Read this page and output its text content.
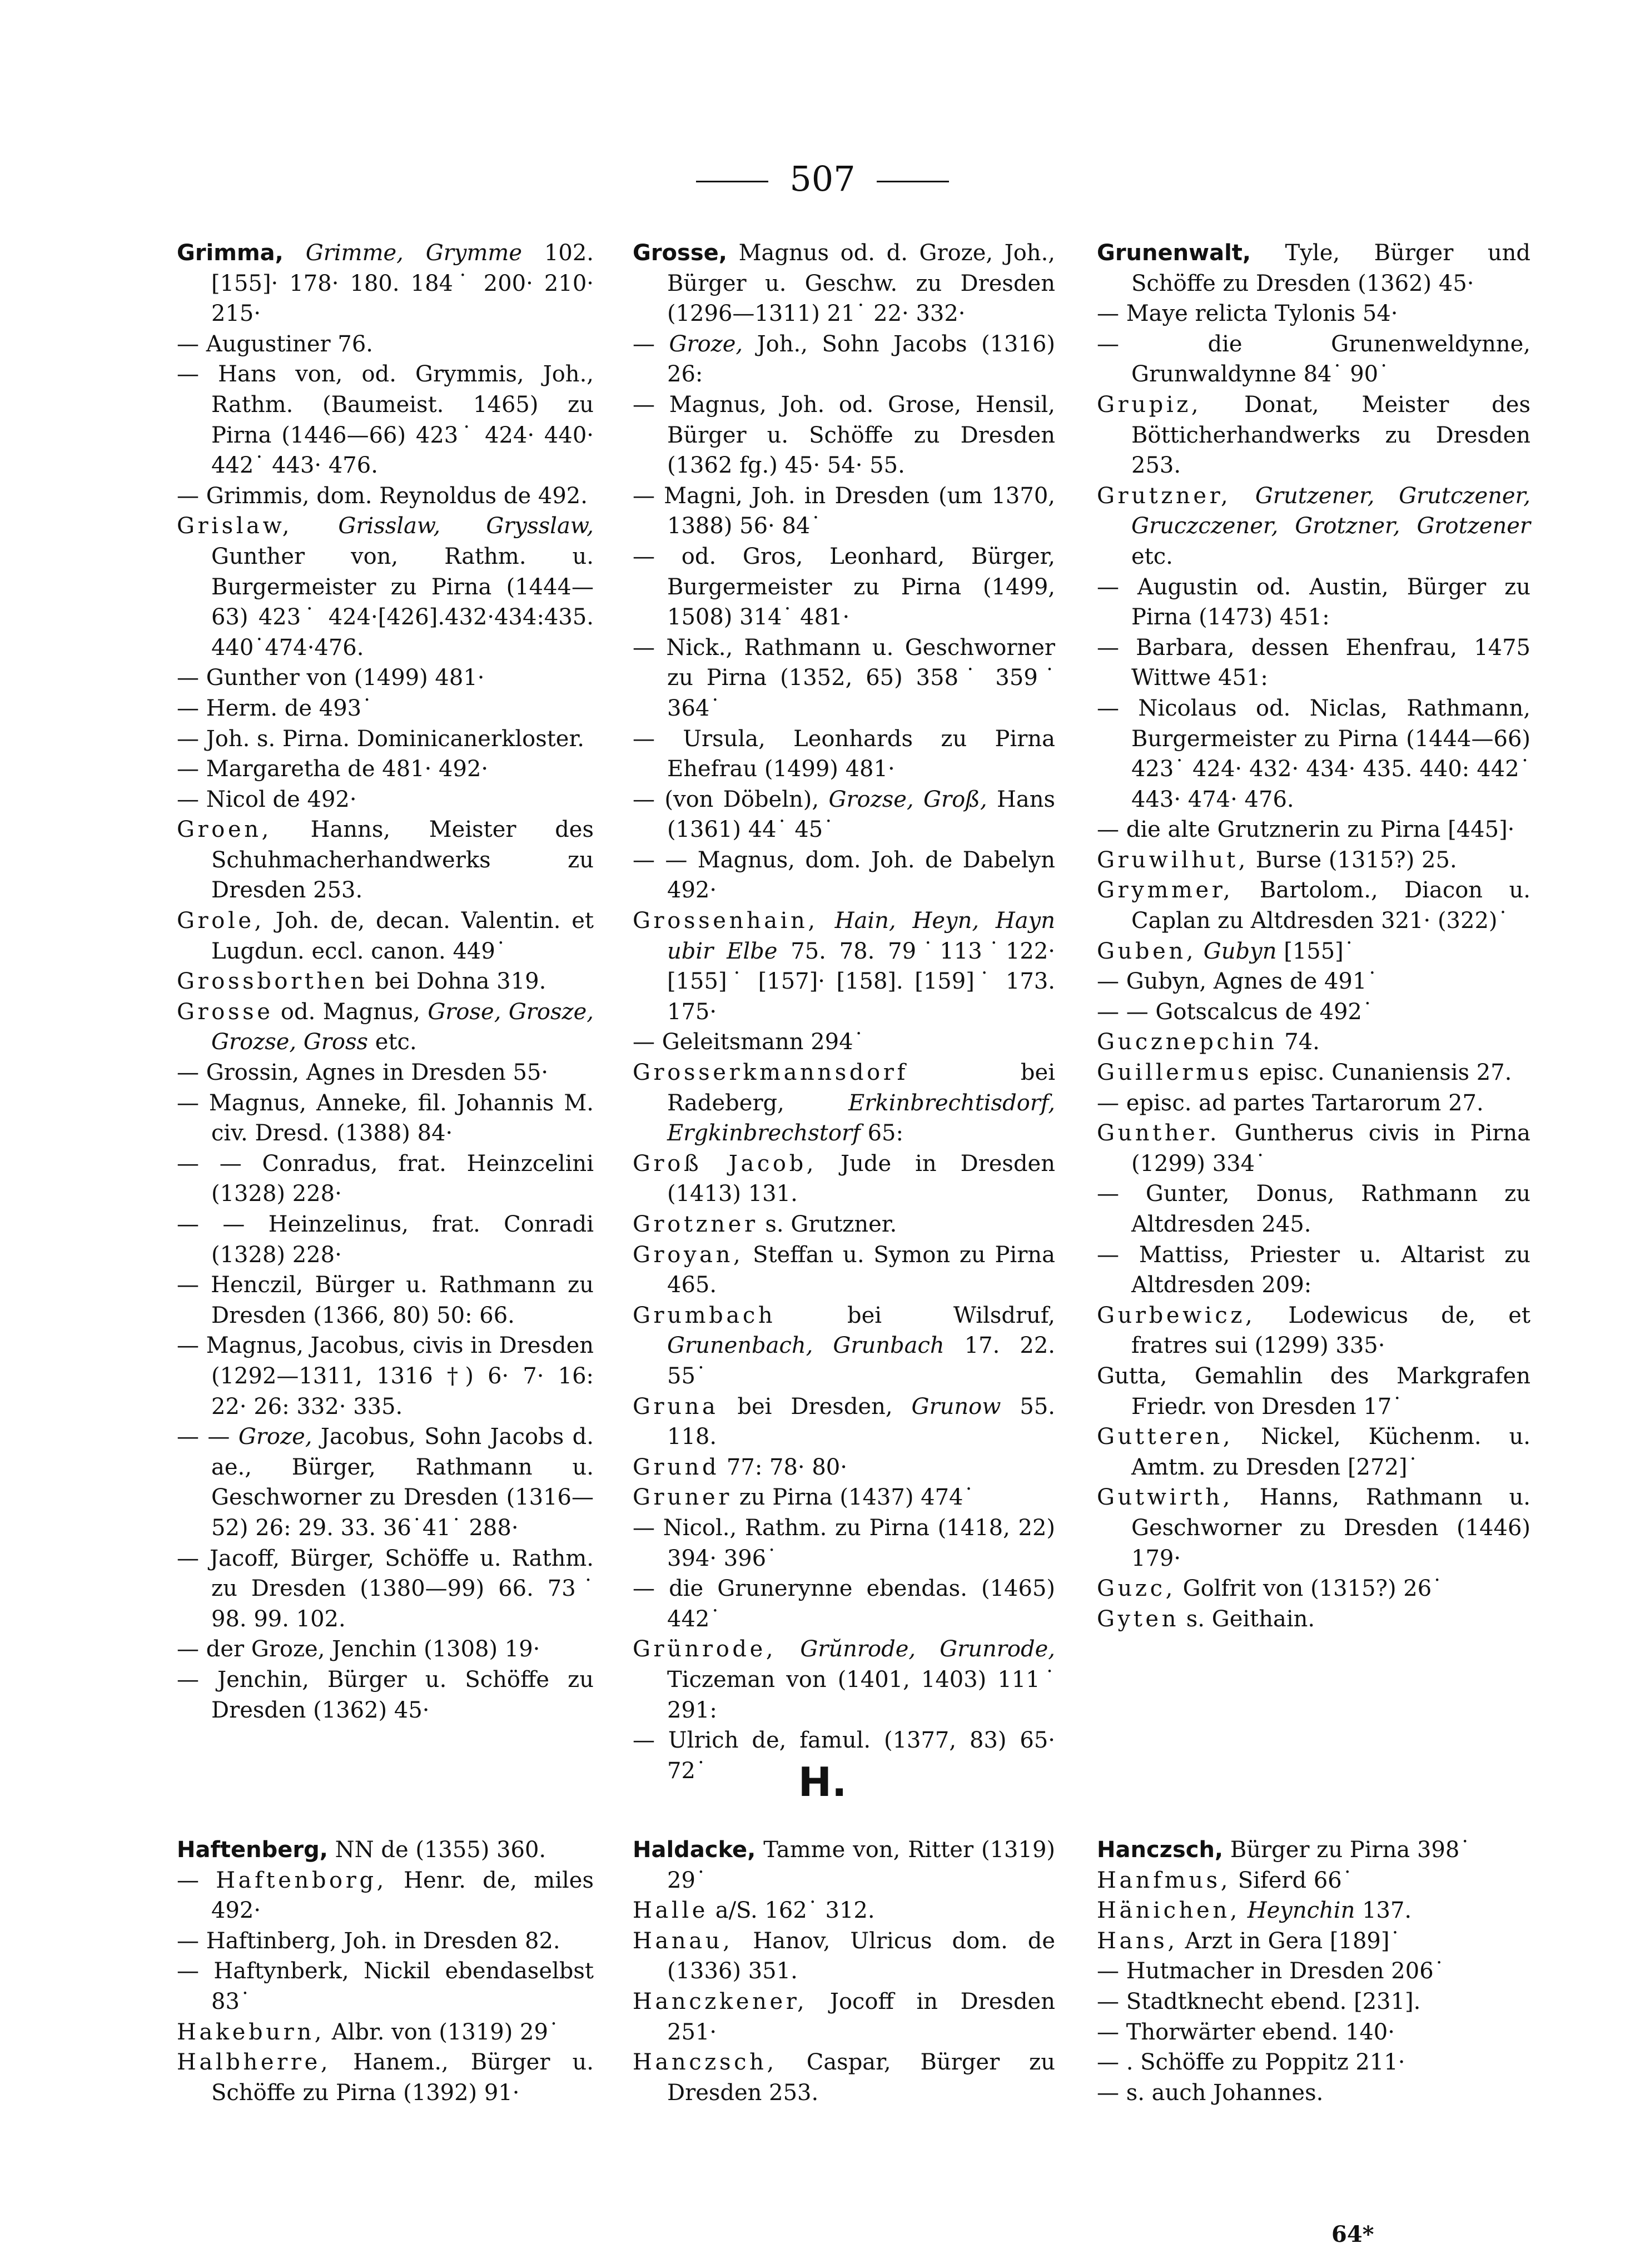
507

Grimma, Grimme, Grymme 102. [155]· 178· 180. 184˙ 200· 210· 215·

— Augustiner 76.

— Hans von, od. Grymmis, Joh., Rathm. (Baumeist. 1465) zu Pirna (1446—66) 423˙ 424· 440· 442˙ 443· 476.

— Grimmis, dom. Reynoldus de 492.

Grislaw, Grisslaw, Grysslaw, Gunther von, Rathm. u. Burgermeister zu Pirna (1444—63) 423˙ 424·[426].432·434:435. 440˙474·476.

— Gunther von (1499) 481·

— Herm. de 493˙

— Joh. s. Pirna. Dominicanerkloster.

— Margaretha de 481· 492·

— Nicol de 492·

Groen, Hanns, Meister des Schuhmacherhandwerks zu Dresden 253.

Grole, Joh. de, decan. Valentin. et Lugdun. eccl. canon. 449˙

Grossborthen bei Dohna 319.

Grosse od. Magnus, Grose, Grosze, Grozse, Gross etc.

— Grossin, Agnes in Dresden 55·

— Magnus, Anneke, fil. Johannis M. civ. Dresd. (1388) 84·

— — Conradus, frat. Heinzcelini (1328) 228·

— — Heinzelinus, frat. Conradi (1328) 228·

— Henczil, Bürger u. Rathmann zu Dresden (1366, 80) 50: 66.

— Magnus, Jacobus, civis in Dresden (1292—1311, 1316 †) 6· 7· 16: 22· 26: 332· 335.

— — Groze, Jacobus, Sohn Jacobs d. ae., Bürger, Rathmann u. Geschworner zu Dresden (1316—52) 26: 29. 33. 36˙41˙ 288·

— Jacoff, Bürger, Schöffe u. Rathm. zu Dresden (1380—99) 66. 73˙ 98. 99. 102.

— der Groze, Jenchin (1308) 19·

— Jenchin, Bürger u. Schöffe zu Dresden (1362) 45·

Grosse, Magnus od. d. Groze, Joh., Bürger u. Geschw. zu Dresden (1296—1311) 21˙ 22· 332·

— Groze, Joh., Sohn Jacobs (1316) 26:

— Magnus, Joh. od. Grose, Hensil, Bürger u. Schöffe zu Dresden (1362 fg.) 45· 54· 55.

— Magni, Joh. in Dresden (um 1370, 1388) 56· 84˙

— od. Gros, Leonhard, Bürger, Burgermeister zu Pirna (1499, 1508) 314˙ 481·

— Nick., Rathmann u. Geschworner zu Pirna (1352, 65) 358˙ 359˙ 364˙

— Ursula, Leonhards zu Pirna Ehefrau (1499) 481·

— (von Döbeln), Grozse, Groß, Hans (1361) 44˙ 45˙

— — Magnus, dom. Joh. de Dabelyn 492·

Grossenhain, Hain, Heyn, Hayn ubir Elbe 75. 78. 79˙113˙122· [155]˙ [157]· [158]. [159]˙ 173. 175·

— Geleitsmann 294˙

Grosserkmannsdorf bei Radeberg, Erkinbrechtisdorf, Ergkinbrechstorf 65:

Groß Jacob, Jude in Dresden (1413) 131.

Grotzner s. Grutzner.

Groyan, Steffan u. Symon zu Pirna 465.

Grumbach bei Wilsdruf, Grunenbach, Grunbach 17. 22. 55˙

Gruna bei Dresden, Grunow 55. 118.

Grund 77: 78· 80·

Gruner zu Pirna (1437) 474˙

— Nicol., Rathm. zu Pirna (1418, 22) 394· 396˙

— die Grunerynne ebendas. (1465) 442˙

Grünrode, Grŭnrode, Grunrode, Ticzeman von (1401, 1403) 111˙ 291:

— Ulrich de, famul. (1377, 83) 65· 72˙

Grunenwalt, Tyle, Bürger und Schöffe zu Dresden (1362) 45·

— Maye relicta Tylonis 54·

— die Grunenweldynne, Grunwaldynne 84˙ 90˙

Grupiz, Donat, Meister des Bötticherhandwerks zu Dresden 253.

Grutzner, Grutzener, Grutczener, Gruczczener, Grotzner, Grotzener etc.

— Augustin od. Austin, Bürger zu Pirna (1473) 451:

— Barbara, dessen Ehenfrau, 1475 Wittwe 451:

— Nicolaus od. Niclas, Rathmann, Burgermeister zu Pirna (1444—66) 423˙ 424· 432· 434· 435. 440: 442˙ 443· 474· 476.

— die alte Grutznerin zu Pirna [445]·

Gruwilhut, Burse (1315?) 25.

Grymmer, Bartolom., Diacon u. Caplan zu Altdresden 321· (322)˙

Guben, Gubyn [155]˙

— Gubyn, Agnes de 491˙

— — Gotscalcus de 492˙

Guczneрchin 74.

Guillermus episc. Cunaniensis 27.

— episc. ad partes Tartarorum 27.

Gunther. Guntherus civis in Pirna (1299) 334˙

— Gunter, Donus, Rathmann zu Altdresden 245.

— Mattiss, Priester u. Altarist zu Altdresden 209:

Gurbewicz, Lodewicus de, et fratres sui (1299) 335·

Gutta, Gemahlin des Markgrafen Friedr. von Dresden 17˙

Gutteren, Nickel, Küchenm. u. Amtm. zu Dresden [272]˙

Gutwirth, Hanns, Rathmann u. Geschworner zu Dresden (1446) 179·

Guzc, Golfrit von (1315?) 26˙

Gyten s. Geithain.

H.

Haftenberg, NN de (1355) 360.

— Haftenborg, Henr. de, miles 492·

— Haftinberg, Joh. in Dresden 82.

— Haftynberk, Nickil ebendaselbst 83˙

Hakeburn, Albr. von (1319) 29˙

Halbherre, Hanem., Bürger u. Schöffe zu Pirna (1392) 91·

Haldacke, Tamme von, Ritter (1319) 29˙

Halle a/S. 162˙ 312.

Hanau, Hanov, Ulricus dom. de (1336) 351.

Hanczkener, Jocoff in Dresden 251·

Hanczsch, Caspar, Bürger zu Dresden 253.

Hanczsch, Bürger zu Pirna 398˙

Hanfmus, Siferd 66˙

Hänichen, Heynchin 137.

Hans, Arzt in Gera [189]˙

— Hutmacher in Dresden 206˙

— Stadtknecht ebend. [231].

— Thorwärter ebend. 140·

— . Schöffe zu Poppitz 211·

— s. auch Johannes.

64*
